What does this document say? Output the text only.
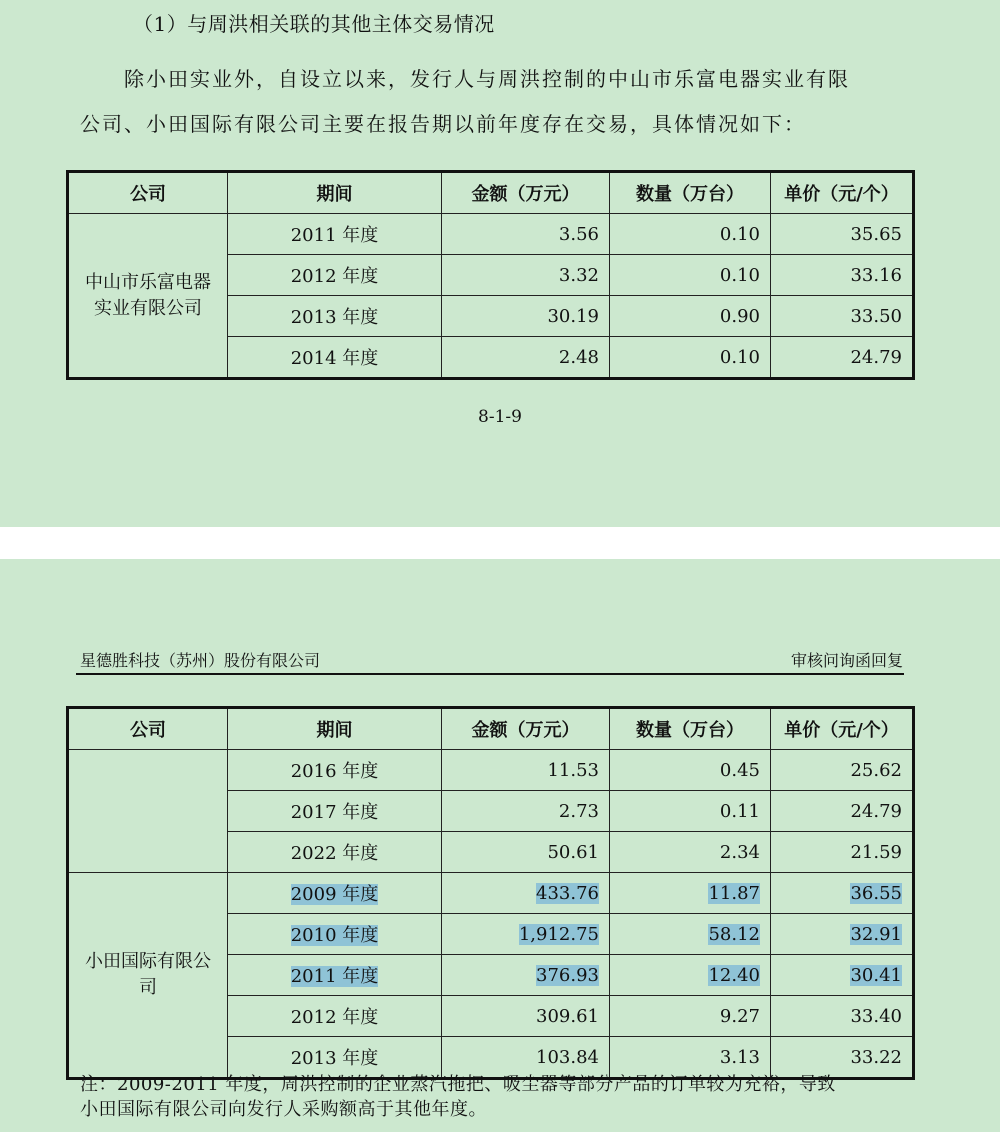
（1）与周洪相关联的其他主体交易情况
除小田实业外，自设立以来，发行人与周洪控制的中山市乐富电器实业有限
公司、小田国际有限公司主要在报告期以前年度存在交易，具体情况如下：
公司	期间	金额（万元）	数量（万台）	单价（元/个）
中山市乐富电器实业有限公司	2011 年度	3.56	0.10	35.65
	2012 年度	3.32	0.10	33.16
	2013 年度	30.19	0.90	33.50
	2014 年度	2.48	0.10	24.79
8-1-9
星德胜科技（苏州）股份有限公司	审核问询函回复
公司	期间	金额（万元）	数量（万台）	单价（元/个）
	2016 年度	11.53	0.45	25.62
	2017 年度	2.73	0.11	24.79
	2022 年度	50.61	2.34	21.59
小田国际有限公司	2009 年度	433.76	11.87	36.55
	2010 年度	1,912.75	58.12	32.91
	2011 年度	376.93	12.40	30.41
	2012 年度	309.61	9.27	33.40
	2013 年度	103.84	3.13	33.22
注：2009-2011 年度，周洪控制的企业蒸汽拖把、吸尘器等部分产品的订单较为充裕，导致
小田国际有限公司向发行人采购额高于其他年度。
